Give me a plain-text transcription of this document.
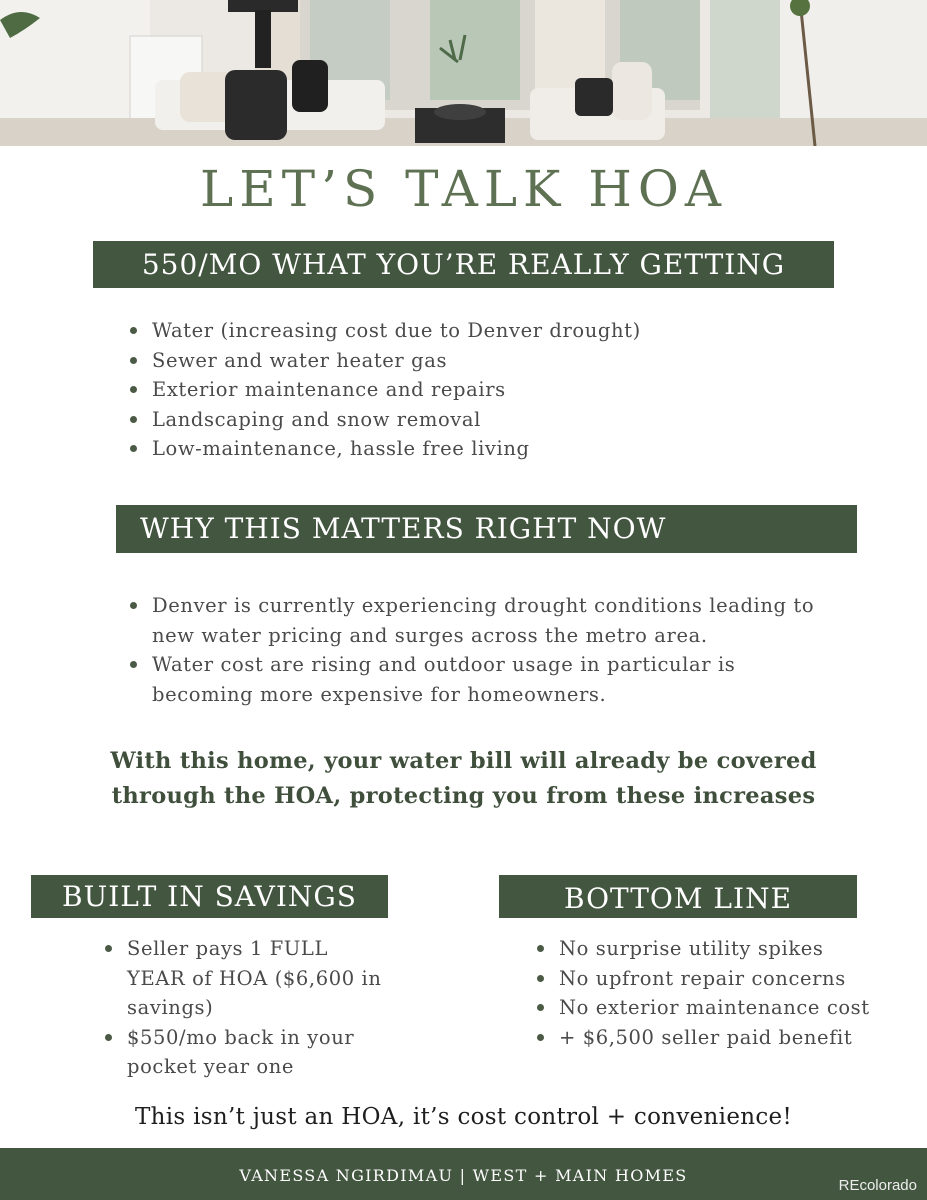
LET’S TALK HOA
550/MO WHAT YOU’RE REALLY GETTING
Water (increasing cost due to Denver drought)
Sewer and water heater gas
Exterior maintenance and repairs
Landscaping and snow removal
Low-maintenance, hassle free living
WHY THIS MATTERS RIGHT NOW
Denver is currently experiencing drought conditions leading to new water pricing and surges across the metro area.
Water cost are rising and outdoor usage in particular is becoming more expensive for homeowners.

With this home, your water bill will already be covered through the HOA, protecting you from these increases

BUILT IN SAVINGS
Seller pays 1 FULL YEAR of HOA ($6,600 in savings)
$550/mo back in your pocket year one
BOTTOM LINE
No surprise utility spikes
No upfront repair concerns
No exterior maintenance cost
+ $6,500 seller paid benefit

This isn’t just an HOA, it’s cost control + convenience!

VANESSA NGIRDIMAU | WEST + MAIN HOMES
REcolorado
